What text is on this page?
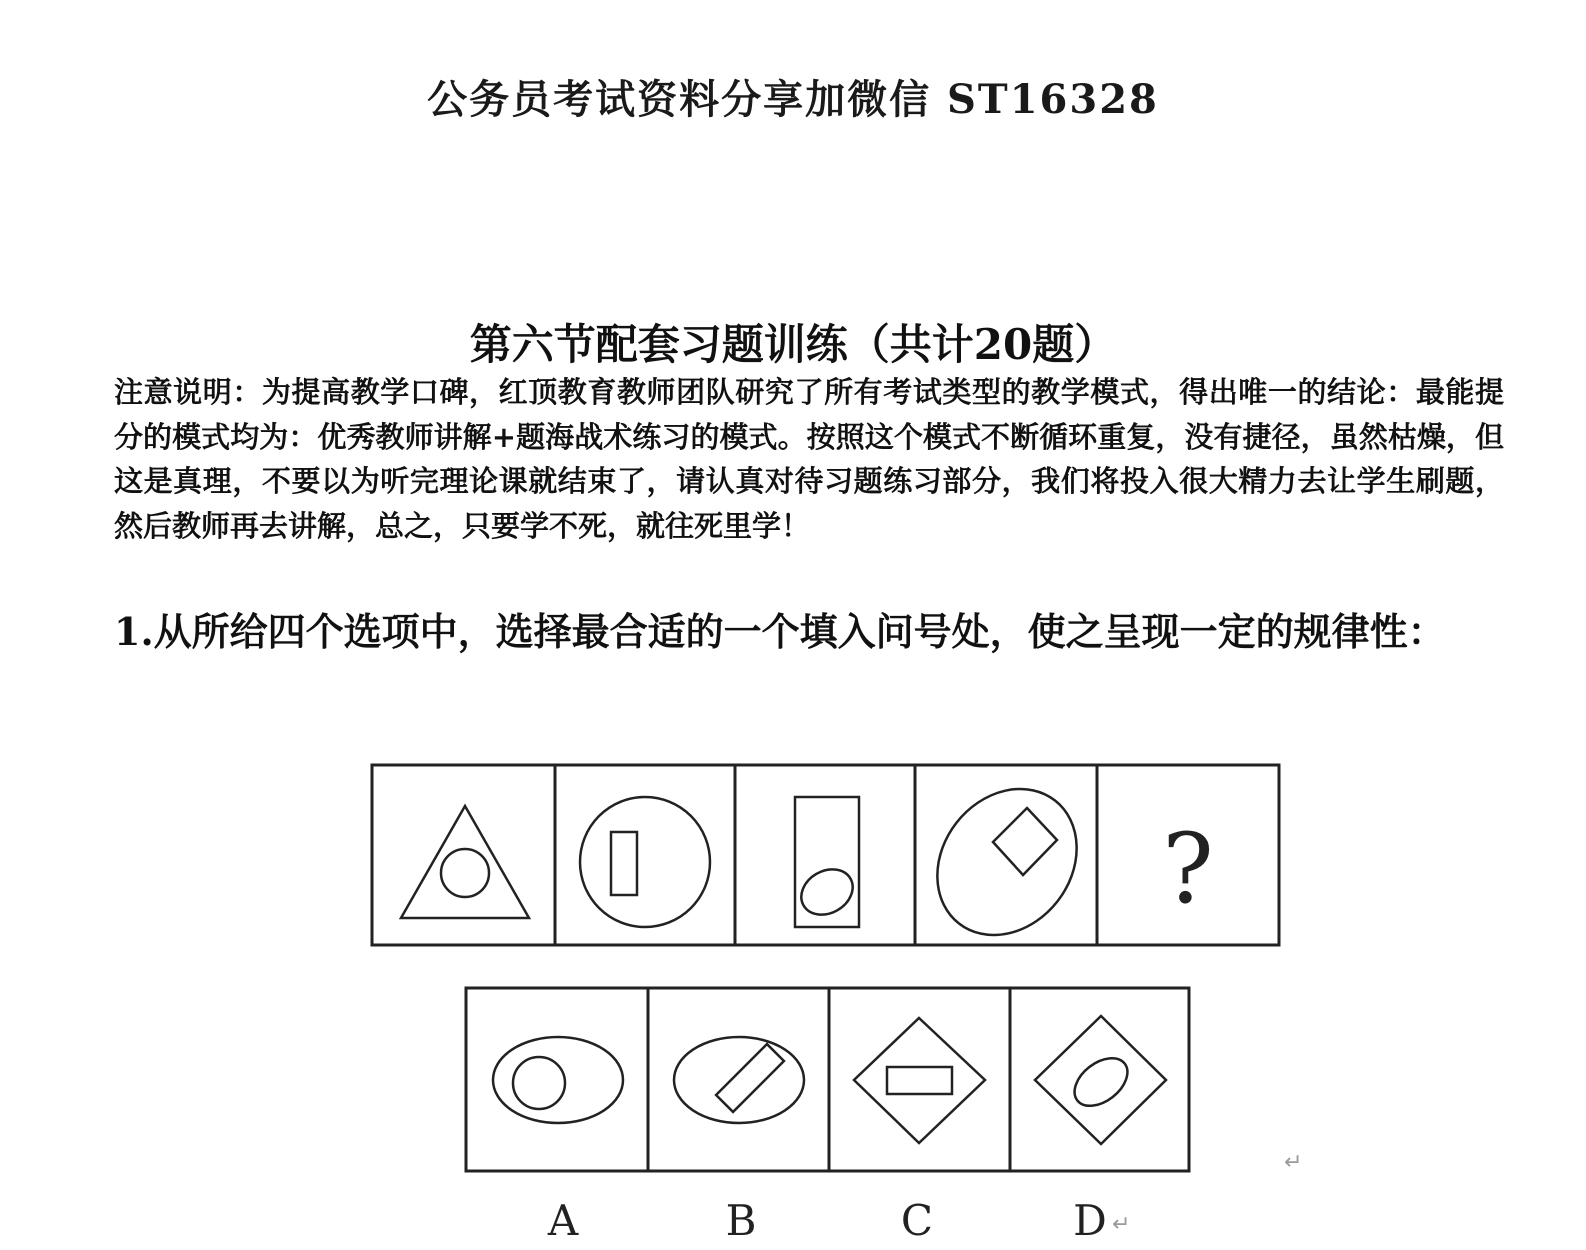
公务员考试资料分享加微信 ST16328
第六节配套习题训练（共计20题）
注意说明：为提高教学口碑，红顶教育教师团队研究了所有考试类型的教学模式，得出唯一的结论：最能提分的模式均为：优秀教师讲解+题海战术练习的模式。按照这个模式不断循环重复，没有捷径，虽然枯燥，但这是真理，不要以为听完理论课就结束了，请认真对待习题练习部分，我们将投入很大精力去让学生刷题，然后教师再去讲解，总之，只要学不死，就往死里学！
1.从所给四个选项中，选择最合适的一个填入问号处，使之呈现一定的规律性：
?
A	B	C	D
↵
↵
